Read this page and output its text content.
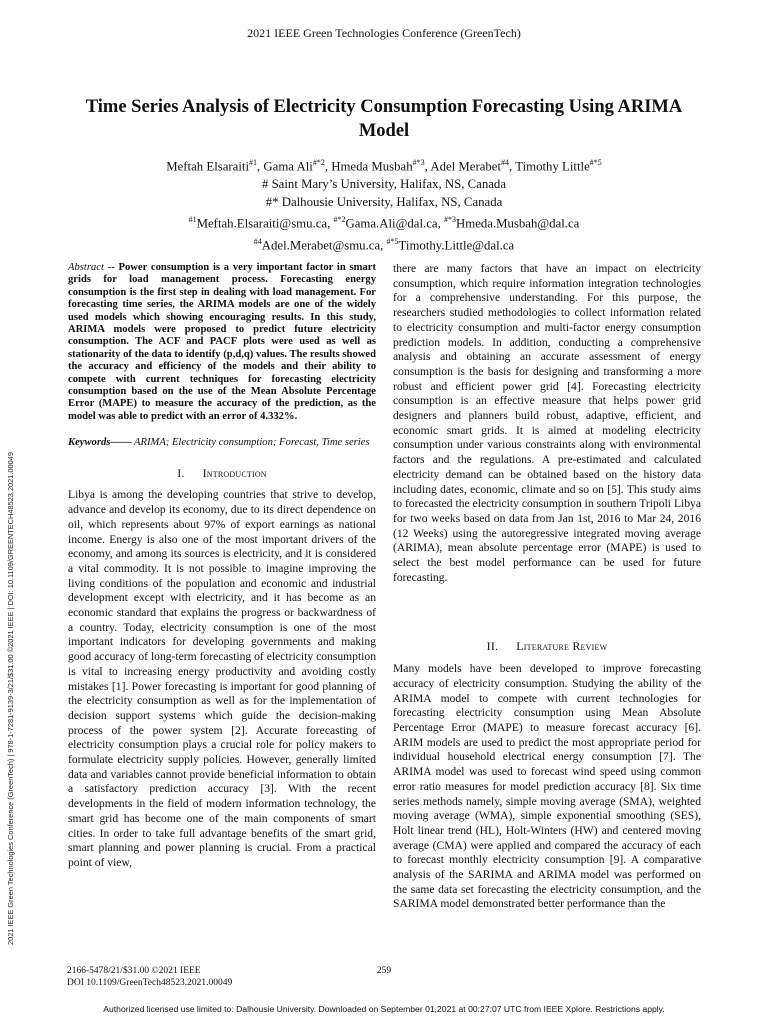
2021 IEEE Green Technologies Conference (GreenTech)
Time Series Analysis of Electricity Consumption Forecasting Using ARIMA Model
Meftah Elsaraiti$^{\#1}$, Gama Ali$^{\#*2}$, Hmeda Musbah$^{\#*3}$, Adel Merabet$^{\#4}$, Timothy Little$^{\#*5}$
# Saint Mary’s University, Halifax, NS, Canada
#* Dalhousie University, Halifax, NS, Canada
$^{\#1}$Meftah.Elsaraiti@smu.ca, $^{\#*2}$Gama.Ali@dal.ca, $^{\#*3}$Hmeda.Musbah@dal.ca
$^{\#4}$Adel.Merabet@smu.ca, $^{\#*5}$Timothy.Little@dal.ca
2021 IEEE Green Technologies Conference (GreenTech) | 978-1-7281-9139-3/21/$31.00 ©2021 IEEE | DOI: 10.1109/GREENTECH48523.2021.00049

Abstract -- Power consumption is a very important factor in smart grids for load management process. Forecasting energy consumption is the first step in dealing with load management. For forecasting time series, the ARIMA models are one of the widely used models which showing encouraging results. In this study, ARIMA models were proposed to predict future electricity consumption. The ACF and PACF plots were used as well as stationarity of the data to identify (p,d,q) values. The results showed the accuracy and efficiency of the models and their ability to compete with current techniques for forecasting electricity consumption based on the use of the Mean Absolute Percentage Error (MAPE) to measure the accuracy of the prediction, as the model was able to predict with an error of 4.332%.

Keywords—— ARIMA; Electricity consumption; Forecast, Time series

I. Introduction

Libya is among the developing countries that strive to develop, advance and develop its economy, due to its direct dependence on oil, which represents about 97% of export earnings as national income. Energy is also one of the most important drivers of the economy, and among its sources is electricity, and it is considered a vital commodity. It is not possible to imagine improving the living conditions of the population and economic and industrial development except with electricity, and it has become as an economic standard that explains the progress or backwardness of a country. Today, electricity consumption is one of the most important indicators for developing governments and making good accuracy of long-term forecasting of electricity consumption is vital to increasing energy productivity and avoiding costly mistakes [1]. Power forecasting is important for good planning of the electricity consumption as well as for the implementation of decision support systems which guide the decision-making process of the power system [2]. Accurate forecasting of electricity consumption plays a crucial role for policy makers to formulate electricity supply policies. However, generally limited data and variables cannot provide beneficial information to obtain a satisfactory prediction accuracy [3]. With the recent developments in the field of modern information technology, the smart grid has become one of the main components of smart cities. In order to take full advantage benefits of the smart grid, smart planning and power planning is crucial. From a practical point of view,

there are many factors that have an impact on electricity consumption, which require information integration technologies for a comprehensive understanding. For this purpose, the researchers studied methodologies to collect information related to electricity consumption and multi-factor energy consumption prediction models. In addition, conducting a comprehensive analysis and obtaining an accurate assessment of energy consumption is the basis for designing and transforming a more robust and efficient power grid [4]. Forecasting electricity consumption is an effective measure that helps power grid designers and planners build robust, adaptive, efficient, and economic smart grids. It is aimed at modeling electricity consumption under various constraints along with environmental factors and the regulations. A pre-estimated and calculated electricity demand can be obtained based on the history data including dates, economic, climate and so on [5]. This study aims to forecasted the electricity consumption in southern Tripoli Libya for two weeks based on data from Jan 1st, 2016 to Mar 24, 2016 (12 Weeks) using the autoregressive integrated moving average (ARIMA), mean absolute percentage error (MAPE) is used to select the best model performance can be used for future forecasting.

II. Literature Review

Many models have been developed to improve forecasting accuracy of electricity consumption. Studying the ability of the ARIMA model to compete with current technologies for forecasting electricity consumption using Mean Absolute Percentage Error (MAPE) to measure forecast accuracy [6]. ARIM models are used to predict the most appropriate period for individual household electrical energy consumption [7]. The ARIMA model was used to forecast wind speed using common error ratio measures for model prediction accuracy [8]. Six time series methods namely, simple moving average (SMA), weighted moving average (WMA), simple exponential smoothing (SES), Holt linear trend (HL), Holt-Winters (HW) and centered moving average (CMA) were applied and compared the accuracy of each to forecast monthly electricity consumption [9]. A comparative analysis of the SARIMA and ARIMA model was performed on the same data set forecasting the electricity consumption, and the SARIMA model demonstrated better performance than the

2166-5478/21/$31.00 ©2021 IEEE
DOI 10.1109/GreenTech48523.2021.00049
259
Authorized licensed use limited to: Dalhousie University. Downloaded on September 01,2021 at 00:27:07 UTC from IEEE Xplore. Restrictions apply.
